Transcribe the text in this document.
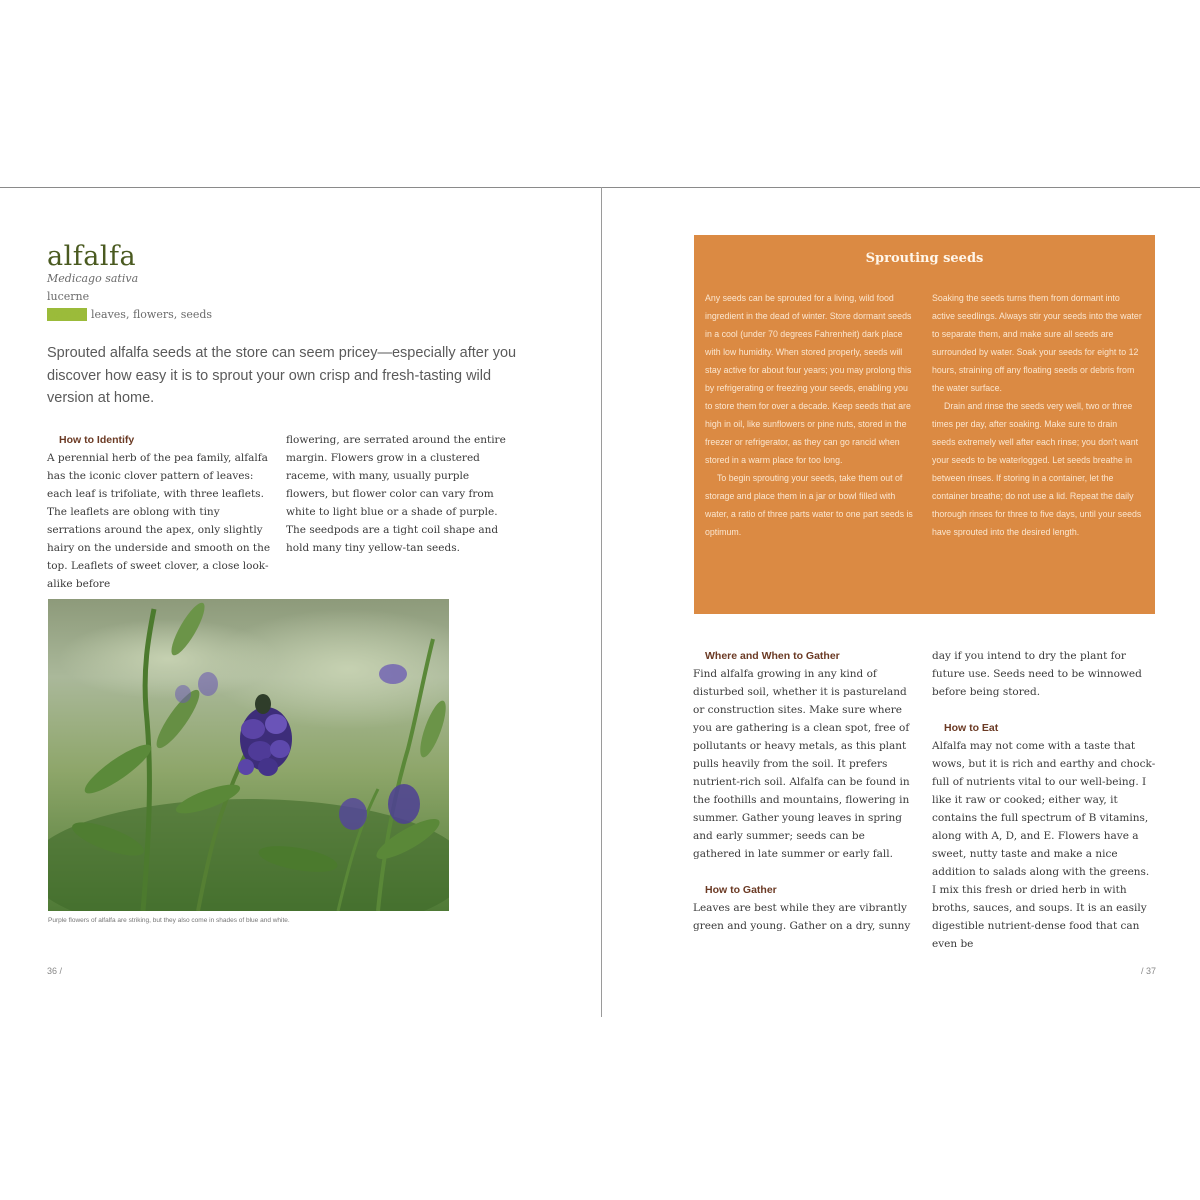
alfalfa
Medicago sativa
lucerne
EDIBLE	leaves, flowers, seeds

Sprouted alfalfa seeds at the store can seem pricey—especially after you discover how easy it is to sprout your own crisp and fresh-tasting wild version at home.

How to Identify

A perennial herb of the pea family, alfalfa has the iconic clover pattern of leaves: each leaf is trifoliate, with three leaflets. The leaflets are oblong with tiny serrations around the apex, only slightly hairy on the underside and smooth on the top. Leaflets of sweet clover, a close look-alike before

flowering, are serrated around the entire margin. Flowers grow in a clustered raceme, with many, usually purple flowers, but flower color can vary from white to light blue or a shade of purple. The seedpods are a tight coil shape and hold many tiny yellow-tan seeds.

Purple flowers of alfalfa are striking, but they also come in shades of blue and white.
36 /
Sprouting seeds

Any seeds can be sprouted for a living, wild food ingredient in the dead of winter. Store dormant seeds in a cool (under 70 degrees Fahrenheit) dark place with low humidity. When stored properly, seeds will stay active for about four years; you may prolong this by refrigerating or freezing your seeds, enabling you to store them for over a decade. Keep seeds that are high in oil, like sunflowers or pine nuts, stored in the freezer or refrigerator, as they can go rancid when stored in a warm place for too long.

To begin sprouting your seeds, take them out of storage and place them in a jar or bowl filled with water, a ratio of three parts water to one part seeds is optimum.

Soaking the seeds turns them from dormant into active seedlings. Always stir your seeds into the water to separate them, and make sure all seeds are surrounded by water. Soak your seeds for eight to 12 hours, straining off any floating seeds or debris from the water surface.

Drain and rinse the seeds very well, two or three times per day, after soaking. Make sure to drain seeds extremely well after each rinse; you don't want your seeds to be waterlogged. Let seeds breathe in between rinses. If storing in a container, let the container breathe; do not use a lid. Repeat the daily thorough rinses for three to five days, until your seeds have sprouted into the desired length.

Where and When to Gather

Find alfalfa growing in any kind of disturbed soil, whether it is pastureland or construction sites. Make sure where you are gathering is a clean spot, free of pollutants or heavy metals, as this plant pulls heavily from the soil. It prefers nutrient-rich soil. Alfalfa can be found in the foothills and mountains, flowering in summer. Gather young leaves in spring and early summer; seeds can be gathered in late summer or early fall.

How to Gather

Leaves are best while they are vibrantly green and young. Gather on a dry, sunny

day if you intend to dry the plant for future use. Seeds need to be winnowed before being stored.

How to Eat

Alfalfa may not come with a taste that wows, but it is rich and earthy and chock-full of nutrients vital to our well-being. I like it raw or cooked; either way, it contains the full spectrum of B vitamins, along with A, D, and E. Flowers have a sweet, nutty taste and make a nice addition to salads along with the greens. I mix this fresh or dried herb in with broths, sauces, and soups. It is an easily digestible nutrient-dense food that can even be

/ 37
